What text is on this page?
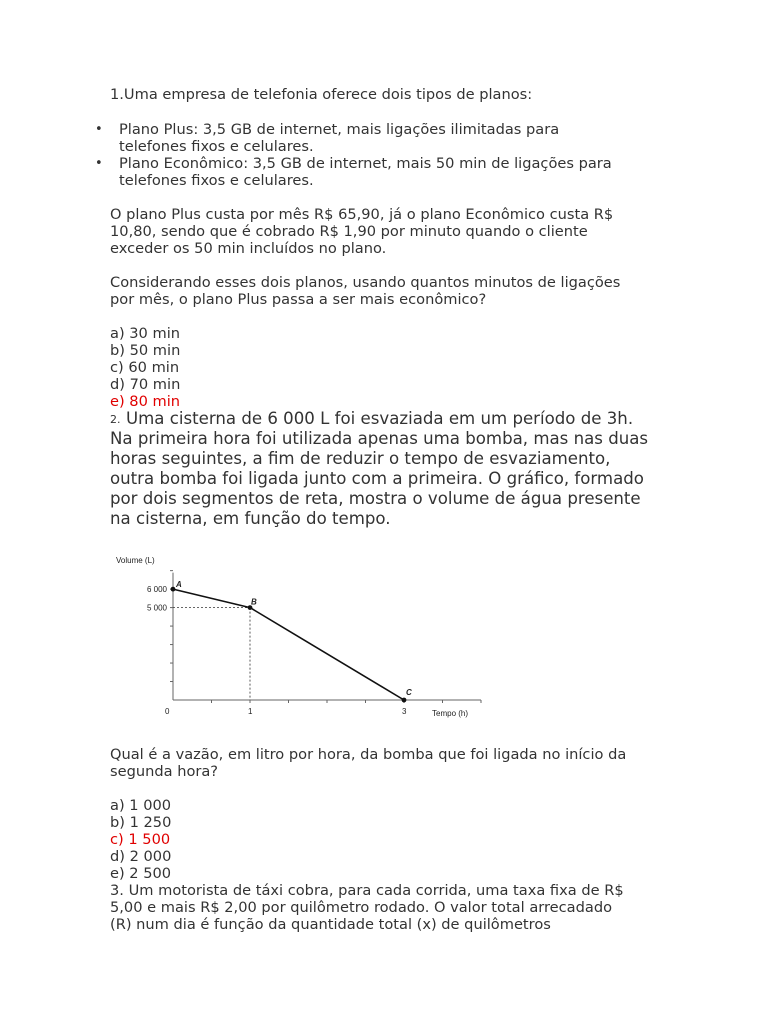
1.Uma empresa de telefonia oferece dois tipos de planos:
• Plano Plus: 3,5 GB de internet, mais ligações ilimitadas para
telefones fixos e celulares.
• Plano Econômico: 3,5 GB de internet, mais 50 min de ligações para
telefones fixos e celulares.
O plano Plus custa por mês R$ 65,90, já o plano Econômico custa R$
10,80, sendo que é cobrado R$ 1,90 por minuto quando o cliente
exceder os 50 min incluídos no plano.
Considerando esses dois planos, usando quantos minutos de ligações
por mês, o plano Plus passa a ser mais econômico?
a) 30 min
b) 50 min
c) 60 min
d) 70 min
e) 80 min
2. Uma cisterna de 6 000 L foi esvaziada em um período de 3h.
Na primeira hora foi utilizada apenas uma bomba, mas nas duas
horas seguintes, a fim de reduzir o tempo de esvaziamento,
outra bomba foi ligada junto com a primeira. O gráfico, formado
por dois segmentos de reta, mostra o volume de água presente
na cisterna, em função do tempo.
Volume (L)
Tempo (h)
0	1	3
6 000
5 000
A
B
C
Qual é a vazão, em litro por hora, da bomba que foi ligada no início da
segunda hora?
a) 1 000
b) 1 250
c) 1 500
d) 2 000
e) 2 500
3. Um motorista de táxi cobra, para cada corrida, uma taxa fixa de R$
5,00 e mais R$ 2,00 por quilômetro rodado. O valor total arrecadado
(R) num dia é função da quantidade total (x) de quilômetros
